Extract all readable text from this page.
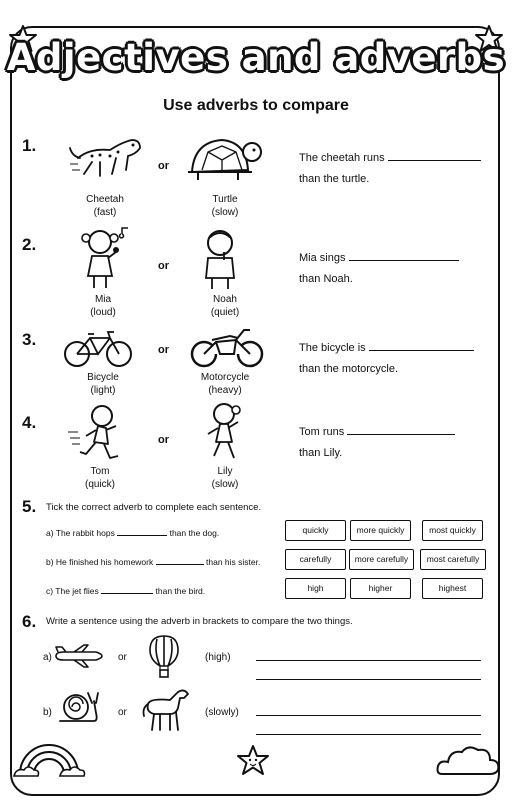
Adjectives and adverbs
Use adverbs to compare
1.
Cheetah
(fast)
or
Turtle
(slow)
The cheetah runs
than the turtle.
2.
Mia
(loud)
or
Noah
(quiet)
Mia sings
than Noah.
3.
Bicycle
(light)
or
Motorcycle
(heavy)
The bicycle is
than the motorcycle.
4.
Tom
(quick)
or
Lily
(slow)
Tom runs
than Lily.
5. Tick the correct adverb to complete each sentence.
a) The rabbit hops	than the dog.	quickly	more quickly	most quickly
b) He finished his homework	than his sister.	carefully	more carefully	most carefully
c) The jet flies	than the bird.	high	higher	highest
6. Write a sentence using the adverb in brackets to compare the two things.
a)	or	(high)
b)	or	(slowly)
